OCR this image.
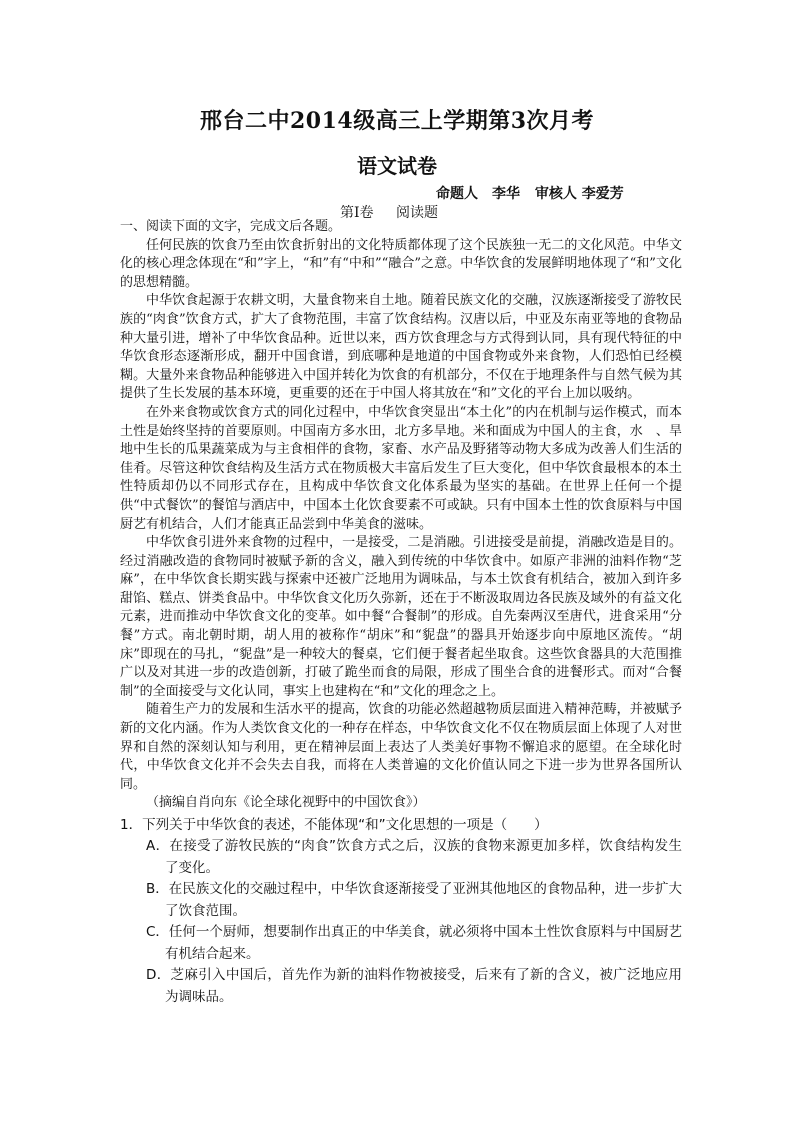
邢台二中2014级高三上学期第3次月考
语文试卷
命题人　李华 审核人 李爱芳
第Ⅰ卷 阅读题

一、阅读下面的文字，完成文后各题。

任何民族的饮食乃至由饮食折射出的文化特质都体现了这个民族独一无二的文化风范。中华文化的核心理念体现在“和”字上，“和”有“中和”“融合”之意。中华饮食的发展鲜明地体现了“和”文化的思想精髓。

中华饮食起源于农耕文明，大量食物来自土地。随着民族文化的交融，汉族逐渐接受了游牧民族的“肉食”饮食方式，扩大了食物范围，丰富了饮食结构。汉唐以后，中亚及东南亚等地的食物品种大量引进，增补了中华饮食品种。近世以来，西方饮食理念与方式得到认同，具有现代特征的中华饮食形态逐渐形成，翻开中国食谱，到底哪种是地道的中国食物或外来食物，人们恐怕已经模糊。大量外来食物品种能够进入中国并转化为饮食的有机部分，不仅在于地理条件与自然气候为其提供了生长发展的基本环境，更重要的还在于中国人将其放在“和”文化的平台上加以吸纳。

在外来食物或饮食方式的同化过程中，中华饮食突显出“本土化”的内在机制与运作模式，而本土性是始终坚持的首要原则。中国南方多水田，北方多旱地。米和面成为中国人的主食，水　、旱地中生长的瓜果蔬菜成为与主食相伴的食物，家畜、水产品及野猪等动物大多成为改善人们生活的佳肴。尽管这种饮食结构及生活方式在物质极大丰富后发生了巨大变化，但中华饮食最根本的本土性特质却仍以不同形式存在，且构成中华饮食文化体系最为坚实的基础。在世界上任何一个提供“中式餐饮”的餐馆与酒店中，中国本土化饮食要素不可或缺。只有中国本土性的饮食原料与中国厨艺有机结合，人们才能真正品尝到中华美食的滋味。

中华饮食引进外来食物的过程中，一是接受，二是消融。引进接受是前提，消融改造是目的。经过消融改造的食物同时被赋予新的含义，融入到传统的中华饮食中。如原产非洲的油料作物“芝麻”，在中华饮食长期实践与探索中还被广泛地用为调味品，与本土饮食有机结合，被加入到许多甜馅、糕点、饼类食品中。中华饮食文化历久弥新，还在于不断汲取周边各民族及域外的有益文化元素，进而推动中华饮食文化的变革。如中餐“合餐制”的形成。自先秦两汉至唐代，进食采用“分餐”方式。南北朝时期，胡人用的被称作“胡床”和“䝚盘”的器具开始逐步向中原地区流传。“胡床”即现在的马扎，“䝚盘”是一种较大的餐桌，它们便于餐者起坐取食。这些饮食器具的大范围推广以及对其进一步的改造创新，打破了跪坐而食的局限，形成了围坐合食的进餐形式。而对“合餐制”的全面接受与文化认同，事实上也建构在“和”文化的理念之上。

随着生产力的发展和生活水平的提高，饮食的功能必然超越物质层面进入精神范畴，并被赋予新的文化内涵。作为人类饮食文化的一种存在样态，中华饮食文化不仅在物质层面上体现了人对世界和自然的深刻认知与利用，更在精神层面上表达了人类美好事物不懈追求的愿望。在全球化时代，中华饮食文化并不会失去自我，而将在人类普遍的文化价值认同之下进一步为世界各国所认同。

（摘编自肖向东《论全球化视野中的中国饮食》）

1．下列关于中华饮食的表述，不能体现“和”文化思想的一项是（　　）

A．在接受了游牧民族的“肉食”饮食方式之后，汉族的食物来源更加多样，饮食结构发生了变化。
B．在民族文化的交融过程中，中华饮食逐渐接受了亚洲其他地区的食物品种，进一步扩大了饮食范围。
C．任何一个厨师，想要制作出真正的中华美食，就必须将中国本土性饮食原料与中国厨艺有机结合起来。
D．芝麻引入中国后，首先作为新的油料作物被接受，后来有了新的含义，被广泛地应用为调味品。
